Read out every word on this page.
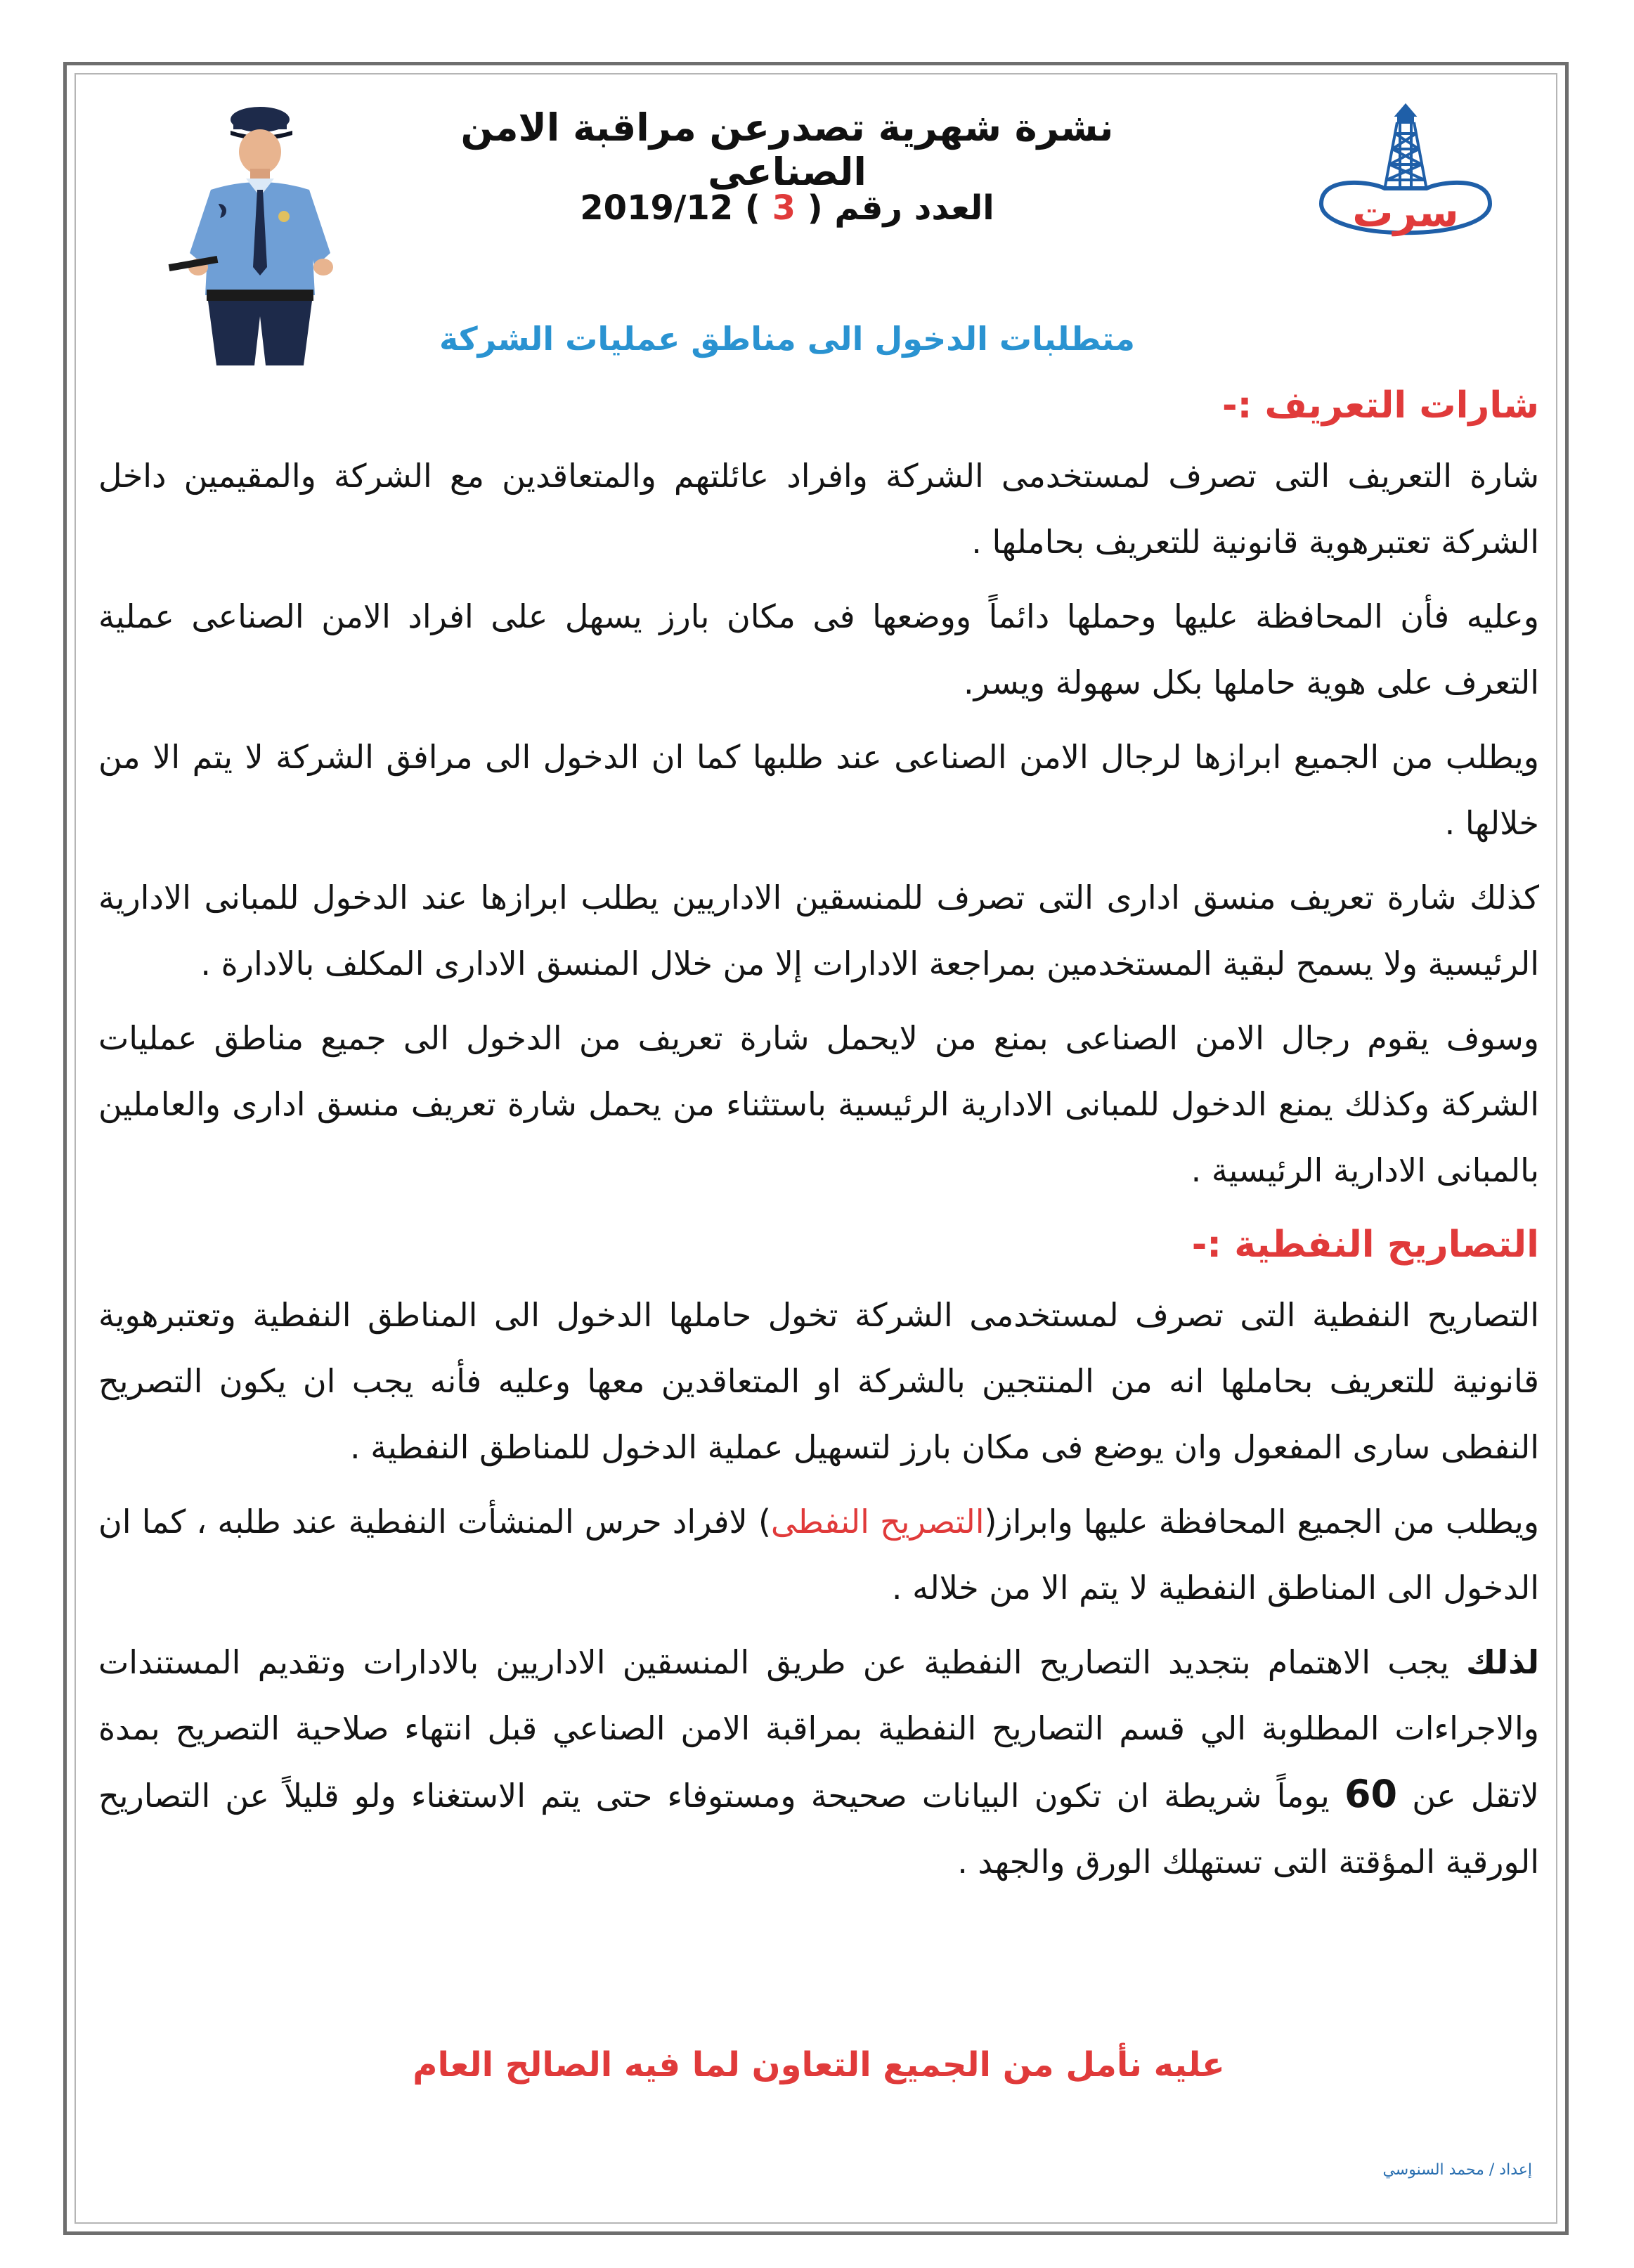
سرت
نشرة شهرية تصدرعن مراقبة الامن الصناعى
العدد رقم ( 3 ) 2019/12
متطلبات الدخول الى مناطق عمليات الشركة

شارات التعريف :-

شارة التعريف التى تصرف لمستخدمى الشركة وافراد عائلتهم والمتعاقدين مع الشركة والمقيمين داخل الشركة تعتبرهوية قانونية للتعريف بحاملها .

وعليه فأن المحافظة عليها وحملها دائماً ووضعها فى مكان بارز يسهل على افراد الامن الصناعى عملية التعرف على هوية حاملها بكل سهولة ويسر.

ويطلب من الجميع ابرازها لرجال الامن الصناعى عند طلبها كما ان الدخول الى مرافق الشركة لا يتم الا من خلالها .

كذلك شارة تعريف منسق ادارى التى تصرف للمنسقين الاداريين يطلب ابرازها عند الدخول للمبانى الادارية الرئيسية ولا يسمح لبقية المستخدمين بمراجعة الادارات إلا من خلال المنسق الادارى المكلف بالادارة .

وسوف يقوم رجال الامن الصناعى بمنع من لايحمل شارة تعريف من الدخول الى جميع مناطق عمليات الشركة وكذلك يمنع الدخول للمبانى الادارية الرئيسية باستثناء من يحمل شارة تعريف منسق ادارى والعاملين بالمبانى الادارية الرئيسية .

التصاريح النفطية :-

التصاريح النفطية التى تصرف لمستخدمى الشركة تخول حاملها الدخول الى المناطق النفطية وتعتبرهوية قانونية للتعريف بحاملها انه من المنتجين بالشركة او المتعاقدين معها وعليه فأنه يجب ان يكون التصريح النفطى سارى المفعول وان يوضع فى مكان بارز لتسهيل عملية الدخول للمناطق النفطية .

ويطلب من الجميع المحافظة عليها وابراز(التصريح النفطى) لافراد حرس المنشأت النفطية عند طلبه ، كما ان الدخول الى المناطق النفطية لا يتم الا من خلاله .

لذلك يجب الاهتمام بتجديد التصاريح النفطية عن طريق المنسقين الاداريين بالادارات وتقديم المستندات والاجراءات المطلوبة الي قسم التصاريح النفطية بمراقبة الامن الصناعي قبل انتهاء صلاحية التصريح بمدة لاتقل عن 60 يوماً شريطة ان تكون البيانات صحيحة ومستوفاء حتى يتم الاستغناء ولو قليلاً عن التصاريح الورقية المؤقتة التى تستهلك الورق والجهد .

عليه نأمل من الجميع التعاون لما فيه الصالح العام
إعداد / محمد السنوسي
